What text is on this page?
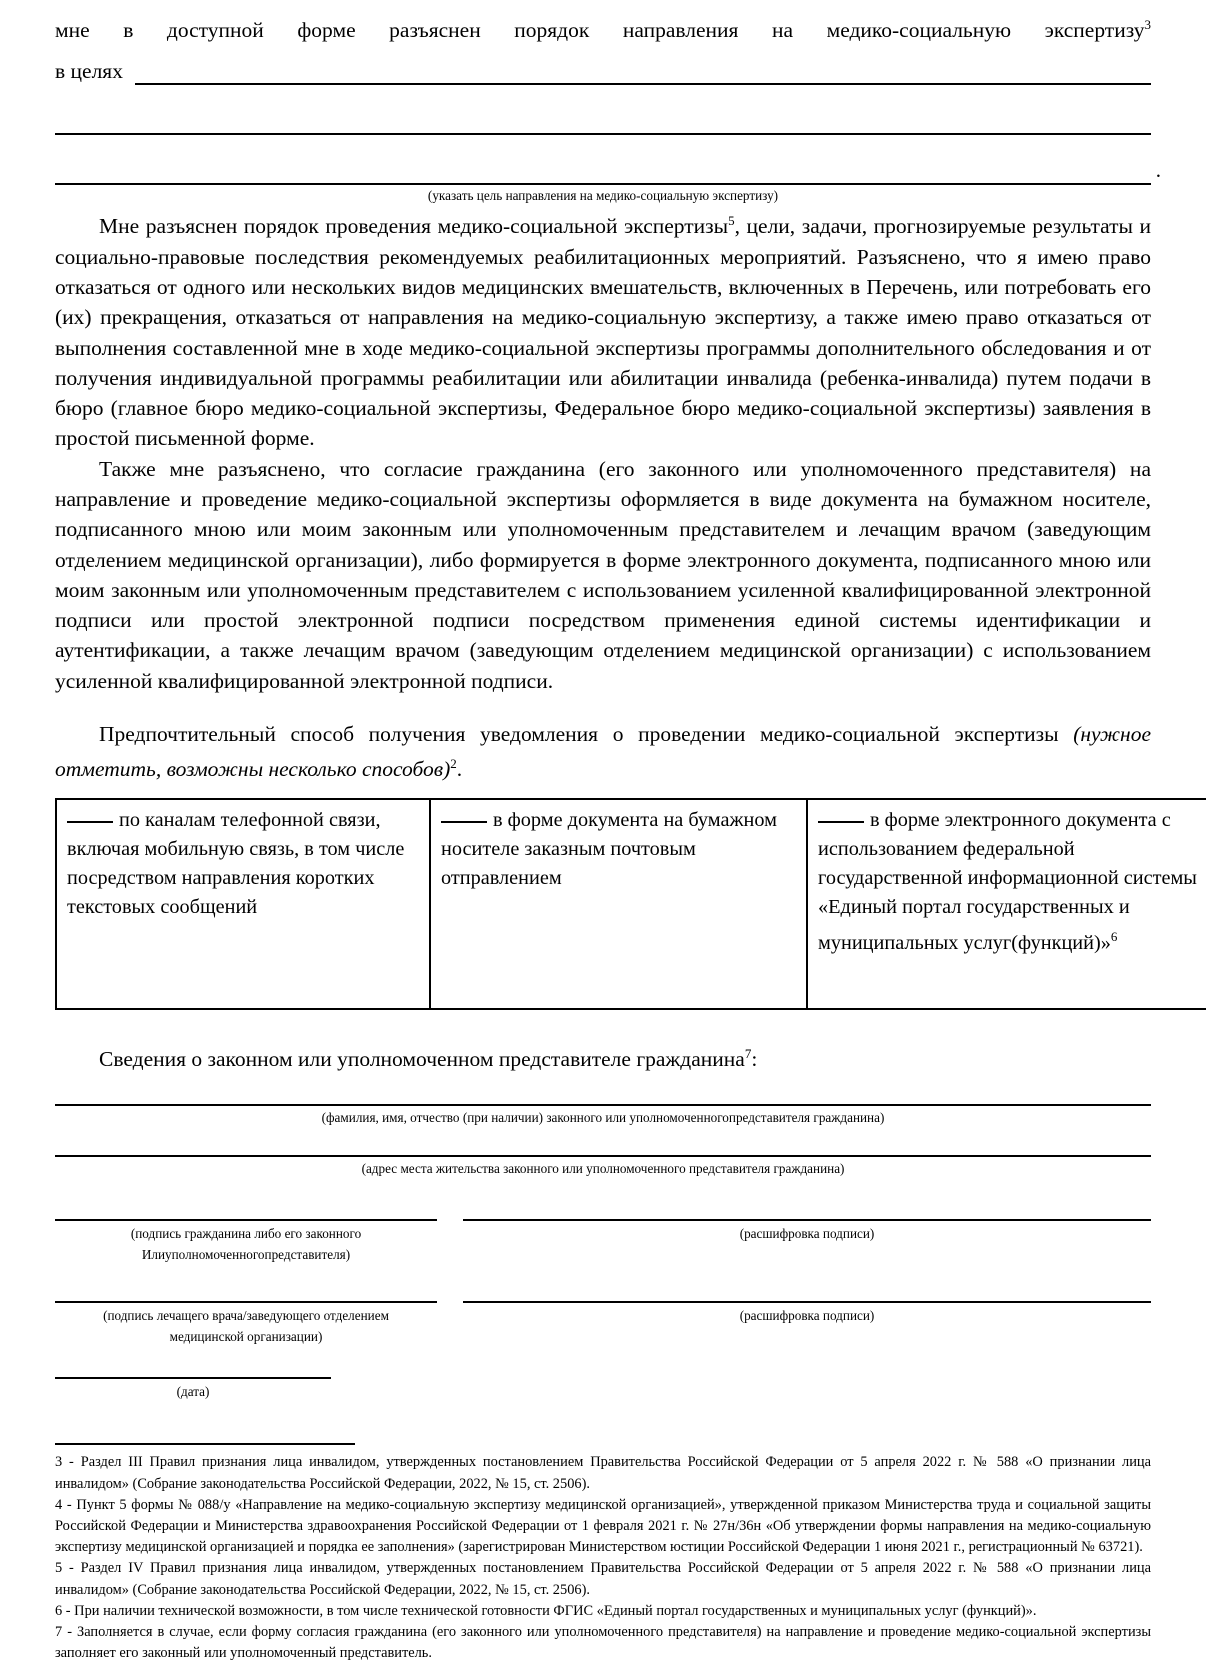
мне в доступной форме разъяснен порядок направления на медико-социальную экспертизу$^3$
в целях
.
(указать цель направления на медико-социальную экспертизу)

Мне разъяснен порядок проведения медико-социальной экспертизы$^5$, цели, задачи, прогнозируемые результаты и социально-правовые последствия рекомендуемых реабилитационных мероприятий. Разъяснено, что я имею право отказаться от одного или нескольких видов медицинских вмешательств, включенных в Перечень, или потребовать его (их) прекращения, отказаться от направления на медико-социальную экспертизу, а также имею право отказаться от выполнения составленной мне в ходе медико-социальной экспертизы программы дополнительного обследования и от получения индивидуальной программы реабилитации или абилитации инвалида (ребенка-инвалида) путем подачи в бюро (главное бюро медико-социальной экспертизы, Федеральное бюро медико-социальной экспертизы) заявления в простой письменной форме.

Также мне разъяснено, что согласие гражданина (его законного или уполномоченного представителя) на направление и проведение медико-социальной экспертизы оформляется в виде документа на бумажном носителе, подписанного мною или моим законным или уполномоченным представителем и лечащим врачом (заведующим отделением медицинской организации), либо формируется в форме электронного документа, подписанного мною или моим законным или уполномоченным представителем с использованием усиленной квалифицированной электронной подписи или простой электронной подписи посредством применения единой системы идентификации и аутентификации, а также лечащим врачом (заведующим отделением медицинской организации) с использованием усиленной квалифицированной электронной подписи.

Предпочтительный способ получения уведомления о проведении медико-социальной экспертизы (нужное отметить, возможны несколько способов)$^2$.

по каналам телефонной связи, включая мобильную связь, в том числе посредством направления коротких текстовых сообщений	в форме документа на бумажном носителе заказным почтовым отправлением	в форме электронного документа с использованием федеральной государственной информационной системы «Единый портал государственных и муниципальных услуг(функций)»$^6$
Сведения о законном или уполномоченном представителе гражданина$^7$:
(фамилия, имя, отчество (при наличии) законного или уполномоченногопредставителя гражданина)
(адрес места жительства законного или уполномоченного представителя гражданина)
(подпись гражданина либо его законного
Илиуполномоченногопредставителя)
(расшифровка подписи)
(подпись лечащего врача/заведующего отделением
медицинской организации)
(расшифровка подписи)
(дата)

3 - Раздел III Правил признания лица инвалидом, утвержденных постановлением Правительства Российской Федерации от 5 апреля 2022 г. № 588 «О признании лица инвалидом» (Собрание законодательства Российской Федерации, 2022, № 15, ст. 2506).

4 - Пункт 5 формы № 088/у «Направление на медико-социальную экспертизу медицинской организацией», утвержденной приказом Министерства труда и социальной защиты Российской Федерации и Министерства здравоохранения Российской Федерации от 1 февраля 2021 г. № 27н/36н «Об утверждении формы направления на медико-социальную экспертизу медицинской организацией и порядка ее заполнения» (зарегистрирован Министерством юстиции Российской Федерации 1 июня 2021 г., регистрационный № 63721).

5 - Раздел IV Правил признания лица инвалидом, утвержденных постановлением Правительства Российской Федерации от 5 апреля 2022 г. № 588 «О признании лица инвалидом» (Собрание законодательства Российской Федерации, 2022, № 15, ст. 2506).

6 - При наличии технической возможности, в том числе технической готовности ФГИС «Единый портал государственных и муниципальных услуг (функций)».

7 - Заполняется в случае, если форму согласия гражданина (его законного или уполномоченного представителя) на направление и проведение медико-социальной экспертизы заполняет его законный или уполномоченный представитель.
